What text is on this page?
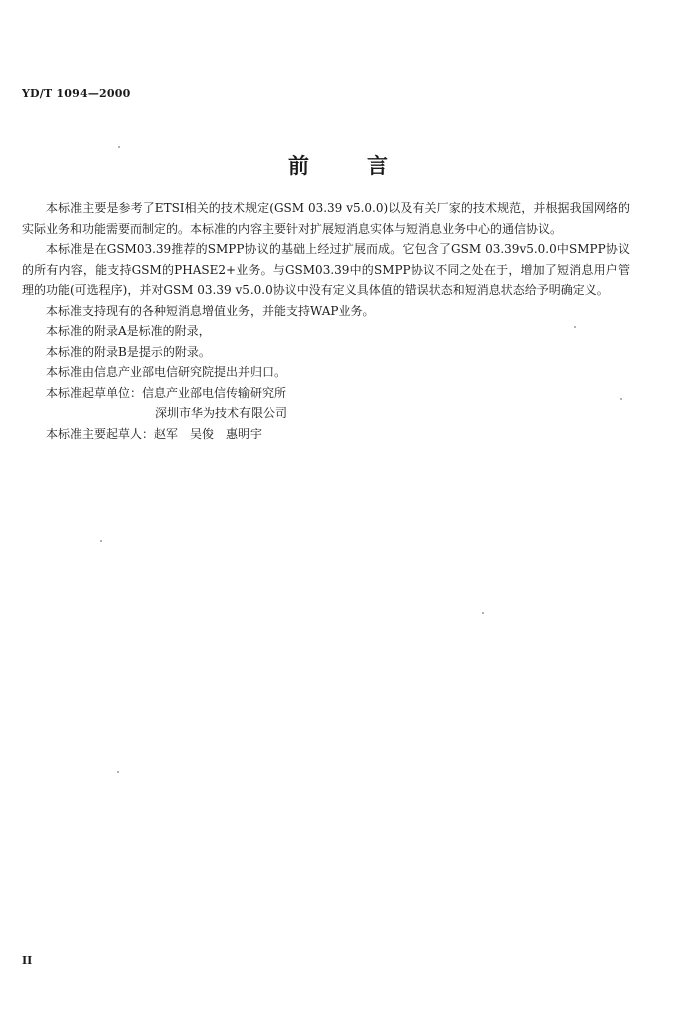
YD/T 1094—2000
前	言

本标准主要是参考了ETSI相关的技术规定(GSM 03.39 v5.0.0)以及有关厂家的技术规范，并根据我国网络的实际业务和功能需要而制定的。本标准的内容主要针对扩展短消息实体与短消息业务中心的通信协议。

本标准是在GSM03.39推荐的SMPP协议的基础上经过扩展而成。它包含了GSM 03.39v5.0.0中SMPP协议的所有内容，能支持GSM的PHASE2+业务。与GSM03.39中的SMPP协议不同之处在于，增加了短消息用户管理的功能(可选程序)，并对GSM 03.39 v5.0.0协议中没有定义具体值的错误状态和短消息状态给予明确定义。

本标准支持现有的各种短消息增值业务，并能支持WAP业务。

本标准的附录A是标准的附录，

本标准的附录B是提示的附录。

本标准由信息产业部电信研究院提出并归口。

本标准起草单位：信息产业部电信传输研究所

深圳市华为技术有限公司

本标准主要起草人：赵军　吴俊　惠明宇

II
